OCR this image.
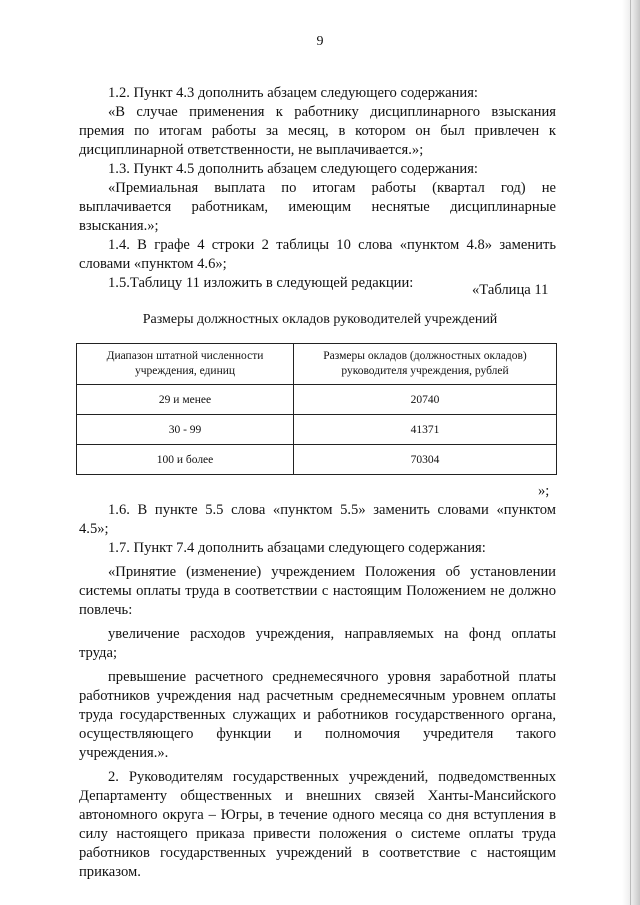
9
1.2. Пункт 4.3 дополнить абзацем следующего содержания:
«В случае применения к работнику дисциплинарного взыскания
премия по итогам работы за месяц, в котором он был привлечен к
дисциплинарной ответственности, не выплачивается.»;
1.3. Пункт 4.5 дополнить абзацем следующего содержания:
«Премиальная выплата по итогам работы (квартал год) не
выплачивается работникам, имеющим неснятые дисциплинарные
взыскания.»;
1.4. В графе 4 строки 2 таблицы 10 слова «пунктом 4.8» заменить
словами «пунктом 4.6»;
1.5.Таблицу 11 изложить в следующей редакции:	«Таблица 11
»;
1.6. В пункте 5.5 слова «пунктом 5.5» заменить словами «пунктом
4.5»;
1.7. Пункт 7.4 дополнить абзацами следующего содержания:
«Принятие (изменение) учреждением Положения об установлении
системы оплаты труда в соответствии с настоящим Положением не должно
повлечь:
увеличение расходов учреждения, направляемых на фонд оплаты
труда;
превышение расчетного среднемесячного уровня заработной платы
работников учреждения над расчетным среднемесячным уровнем оплаты
труда государственных служащих и работников государственного органа,
осуществляющего функции и полномочия учредителя такого
учреждения.».
2. Руководителям государственных учреждений, подведомственных
Департаменту общественных и внешних связей Ханты-Мансийского
автономного округа – Югры, в течение одного месяца со дня вступления в
силу настоящего приказа привести положения о системе оплаты труда
работников государственных учреждений в соответствие с настоящим
приказом.
Размеры должностных окладов руководителей учреждений
Диапазон штатной численности
учреждения, единиц	Размеры окладов (должностных окладов)
руководителя учреждения, рублей
29 и менее	20740
30 - 99	41371
100 и более	70304
